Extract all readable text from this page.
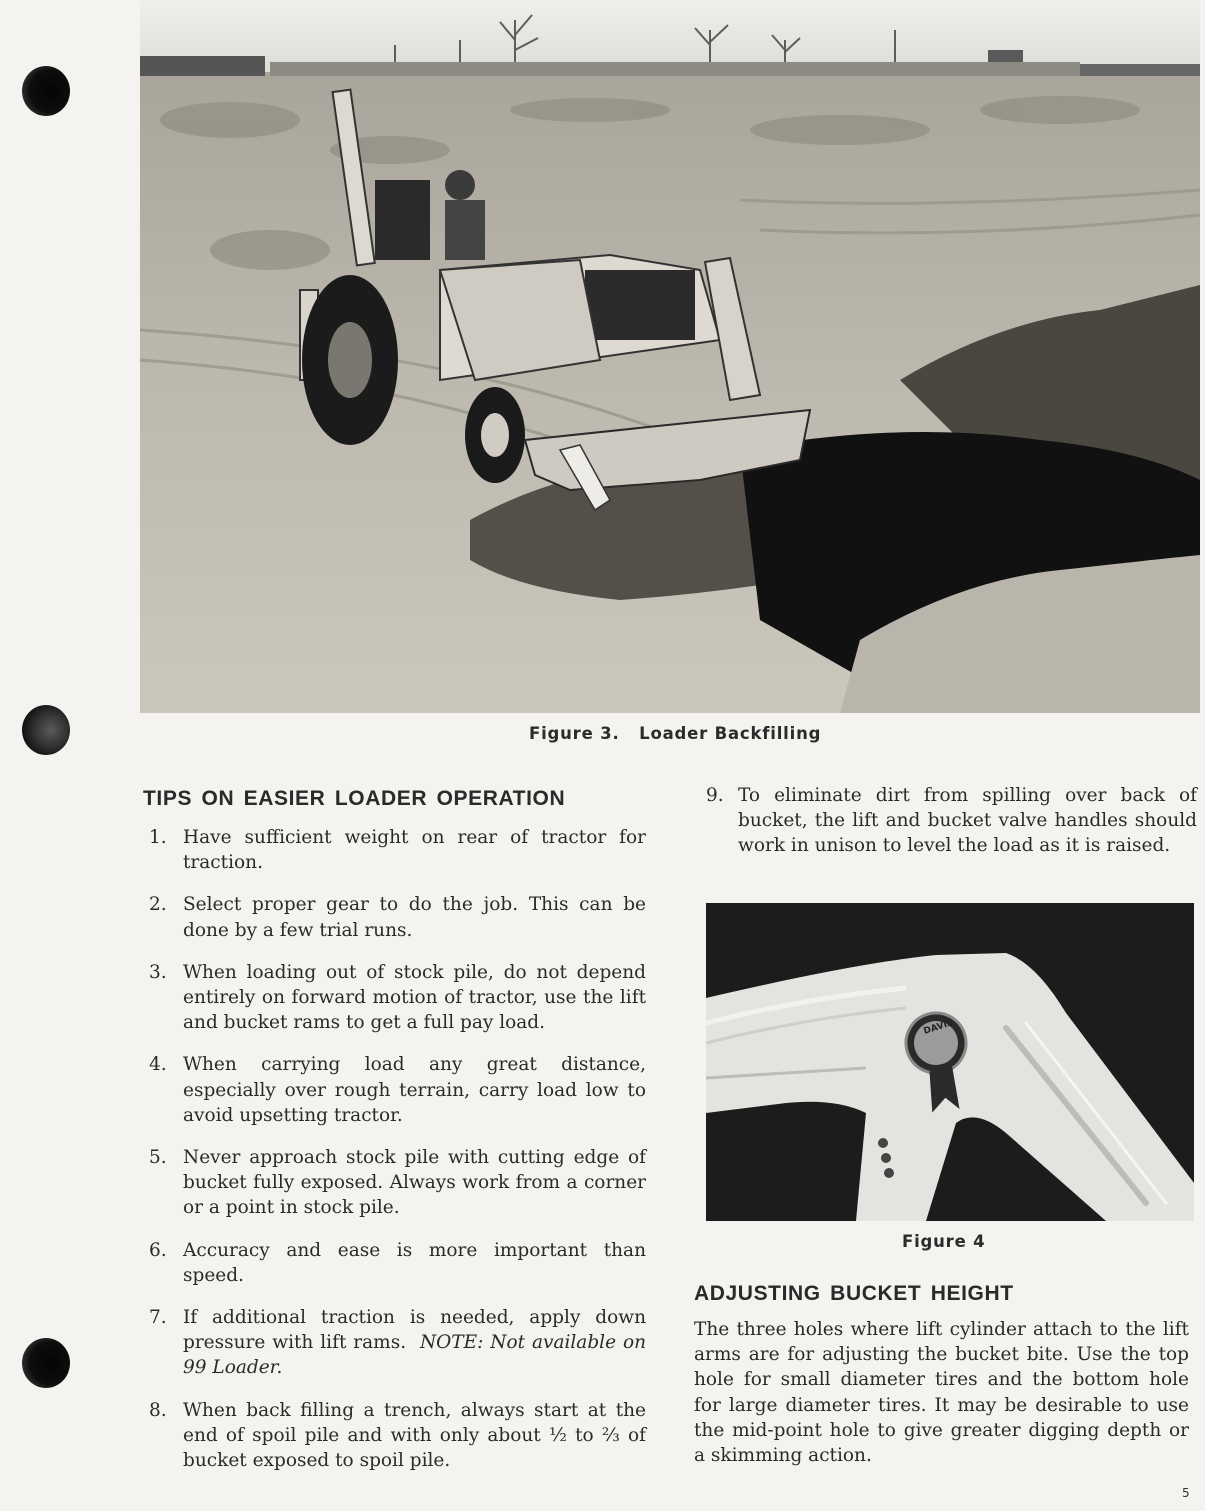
Figure 3.   Loader Backfilling
TIPS ON EASIER LOADER OPERATION
1. Have sufficient weight on rear of tractor for traction.
2. Select proper gear to do the job. This can be done by a few trial runs.
3. When loading out of stock pile, do not depend entirely on forward motion of tractor, use the lift and bucket rams to get a full pay load.
4. When carrying load any great distance, especially over rough terrain, carry load low to avoid upsetting tractor.
5. Never approach stock pile with cutting edge of bucket fully exposed. Always work from a corner or a point in stock pile.
6. Accuracy and ease is more important than speed.
7. If additional traction is needed, apply down pressure with lift rams. NOTE: Not available on 99 Loader.
8. When back filling a trench, always start at the end of spoil pile and with only about ½ to ⅔ of bucket exposed to spoil pile.
9. To eliminate dirt from spilling over back of bucket, the lift and bucket valve handles should work in unison to level the load as it is raised.
DAVIS
Figure 4
ADJUSTING BUCKET HEIGHT

The three holes where lift cylinder attach to the lift arms are for adjusting the bucket bite. Use the top hole for small diameter tires and the bottom hole for large diameter tires. It may be desirable to use the mid-point hole to give greater digging depth or a skimming action.

5
